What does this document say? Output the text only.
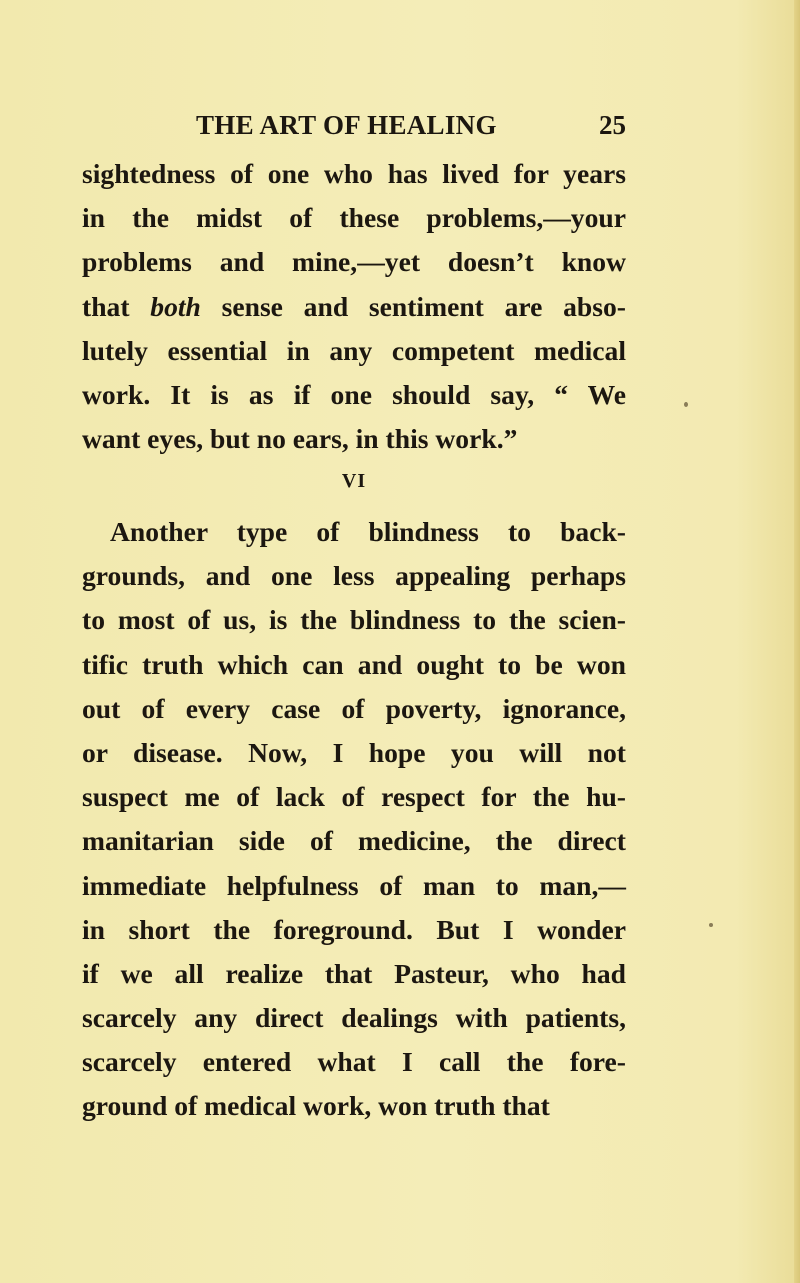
THE ART OF HEALING	25
sightedness of one who has lived for years
in the midst of these problems,—your
problems and mine,—yet doesn’t know
that both sense and sentiment are abso-
lutely essential in any competent medical
work. It is as if one should say, “ We
want eyes, but no ears, in this work.”
VI
Another type of blindness to back-
grounds, and one less appealing perhaps
to most of us, is the blindness to the scien-
tific truth which can and ought to be won
out of every case of poverty, ignorance,
or disease. Now, I hope you will not
suspect me of lack of respect for the hu-
manitarian side of medicine, the direct
immediate helpfulness of man to man,—
in short the foreground. But I wonder
if we all realize that Pasteur, who had
scarcely any direct dealings with patients,
scarcely entered what I call the fore-
ground of medical work, won truth that
